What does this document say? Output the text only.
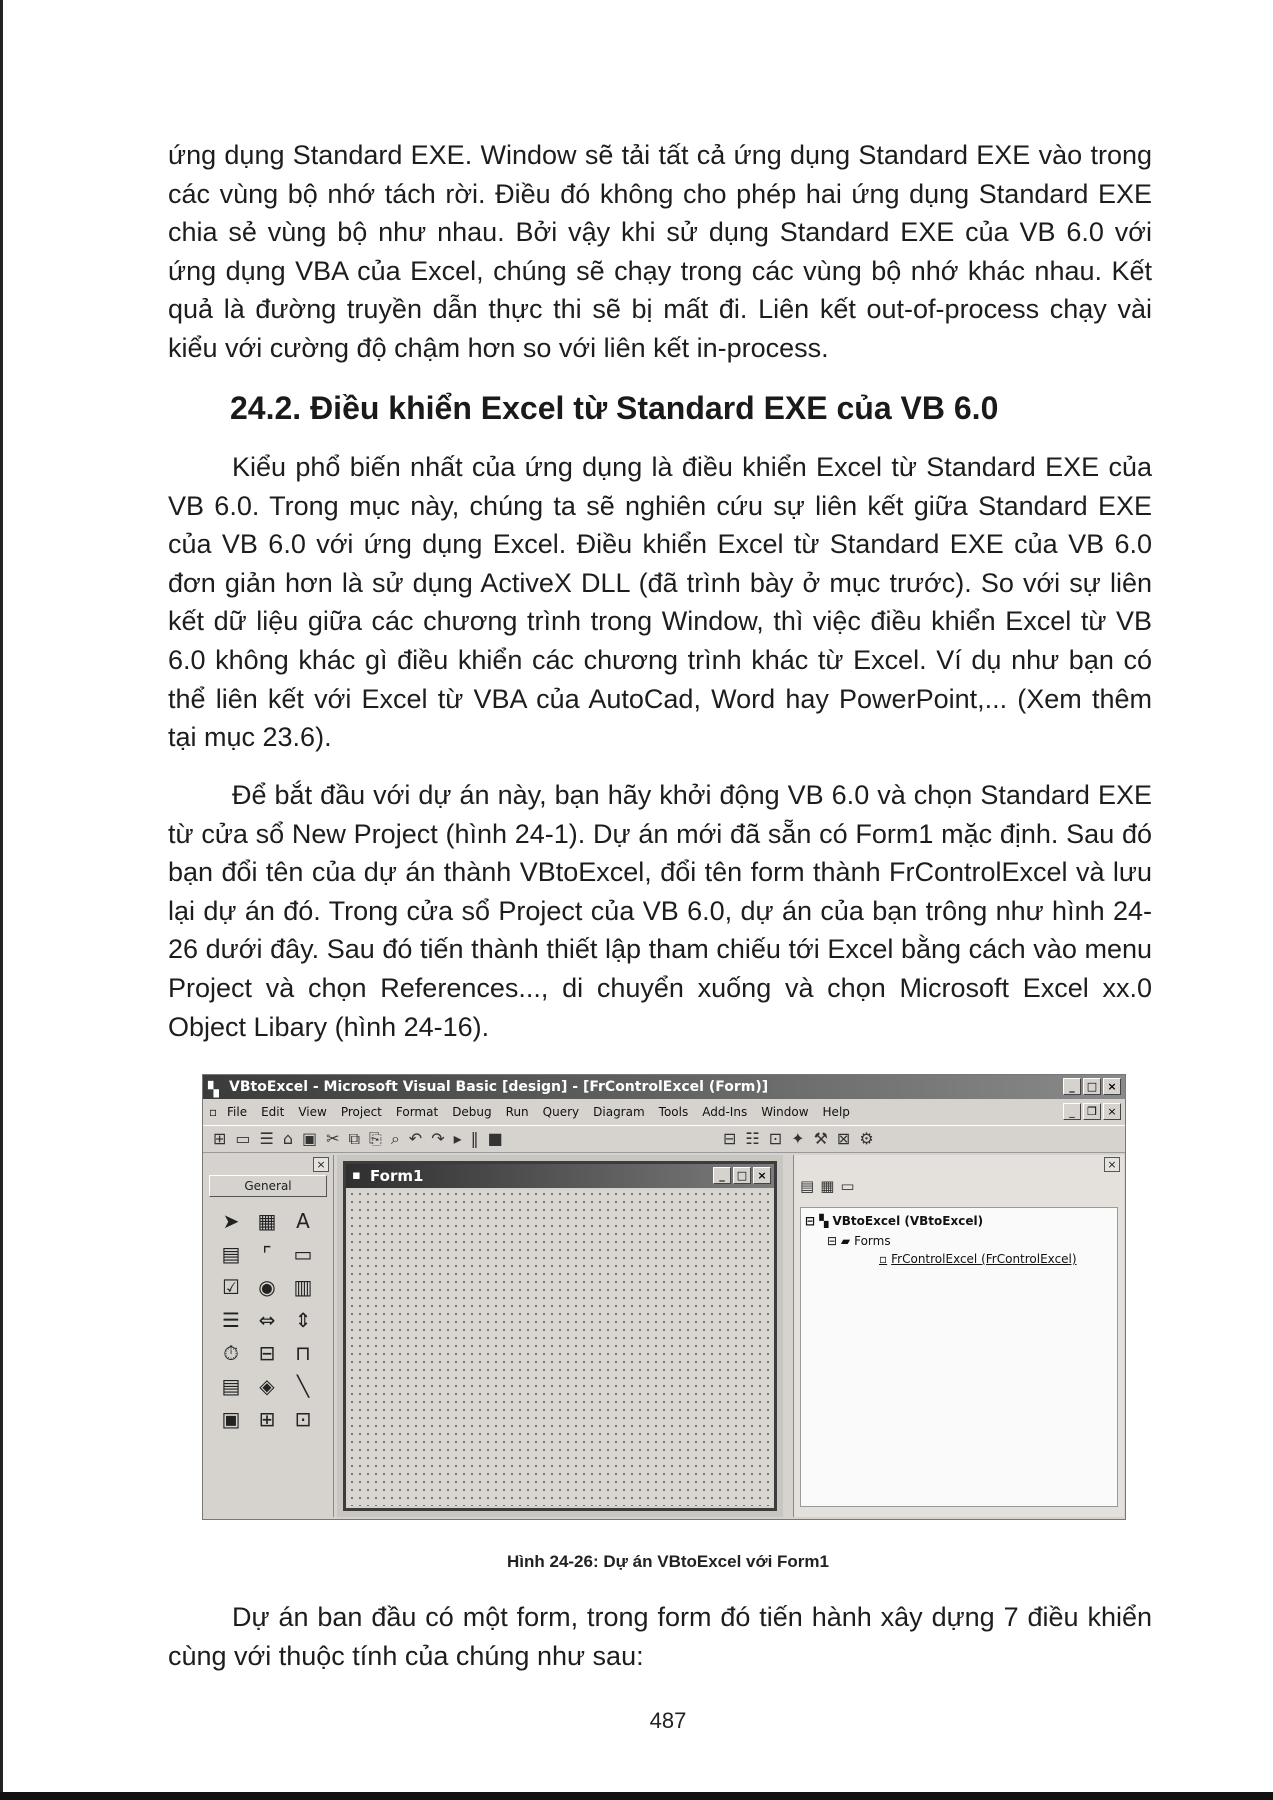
ứng dụng Standard EXE. Window sẽ tải tất cả ứng dụng Standard EXE vào trong các vùng bộ nhớ tách rời. Điều đó không cho phép hai ứng dụng Standard EXE chia sẻ vùng bộ như nhau. Bởi vậy khi sử dụng Standard EXE của VB 6.0 với ứng dụng VBA của Excel, chúng sẽ chạy trong các vùng bộ nhớ khác nhau. Kết quả là đường truyền dẫn thực thi sẽ bị mất đi. Liên kết out-of-process chạy vài kiểu với cường độ chậm hơn so với liên kết in-process.

24.2. Điều khiển Excel từ Standard EXE của VB 6.0

Kiểu phổ biến nhất của ứng dụng là điều khiển Excel từ Standard EXE của VB 6.0. Trong mục này, chúng ta sẽ nghiên cứu sự liên kết giữa Standard EXE của VB 6.0 với ứng dụng Excel. Điều khiển Excel từ Standard EXE của VB 6.0 đơn giản hơn là sử dụng ActiveX DLL (đã trình bày ở mục trước). So với sự liên kết dữ liệu giữa các chương trình trong Window, thì việc điều khiển Excel từ VB 6.0 không khác gì điều khiển các chương trình khác từ Excel. Ví dụ như bạn có thể liên kết với Excel từ VBA của AutoCad, Word hay PowerPoint,... (Xem thêm tại mục 23.6).

Để bắt đầu với dự án này, bạn hãy khởi động VB 6.0 và chọn Standard EXE từ cửa sổ New Project (hình 24-1). Dự án mới đã sẵn có Form1 mặc định. Sau đó bạn đổi tên của dự án thành VBtoExcel, đổi tên form thành FrControlExcel và lưu lại dự án đó. Trong cửa sổ Project của VB 6.0, dự án của bạn trông như hình 24-26 dưới đây. Sau đó tiến thành thiết lập tham chiếu tới Excel bằng cách vào menu Project và chọn References..., di chuyển xuống và chọn Microsoft Excel xx.0 Object Libary (hình 24-16).

▚ VBtoExcel - Microsoft Visual Basic [design] - [FrControlExcel (Form)]	_	□ ×
▫ File Edit View Project Format Debug Run Query Diagram Tools Add-Ins Window Help	_	❐ ×
⊞ ▭ ☰ ⌂ ▣ ✂ ⧉ ⎘ ⌕ ↶ ↷ ▸ ‖ ■	⊟ ☷ ⊡ ✦ ⚒ ⊠ ⚙
×
General
➤ ▦ A
▤	⌜	▭
☑ ◉ ▥
☰ ⇔ ⇕
⏱ ⊟ ⊓
▤ ◈	╲
▣ ⊞ ⊡
▪ Form1	_	□ ×
×
▤ ▦ ▭
⊟ ▚ VBtoExcel (VBtoExcel)
⊟ ▰ Forms
▫ FrControlExcel (FrControlExcel)
Hình 24-26: Dự án VBtoExcel với Form1

Dự án ban đầu có một form, trong form đó tiến hành xây dựng 7 điều khiển cùng với thuộc tính của chúng như sau:

487
